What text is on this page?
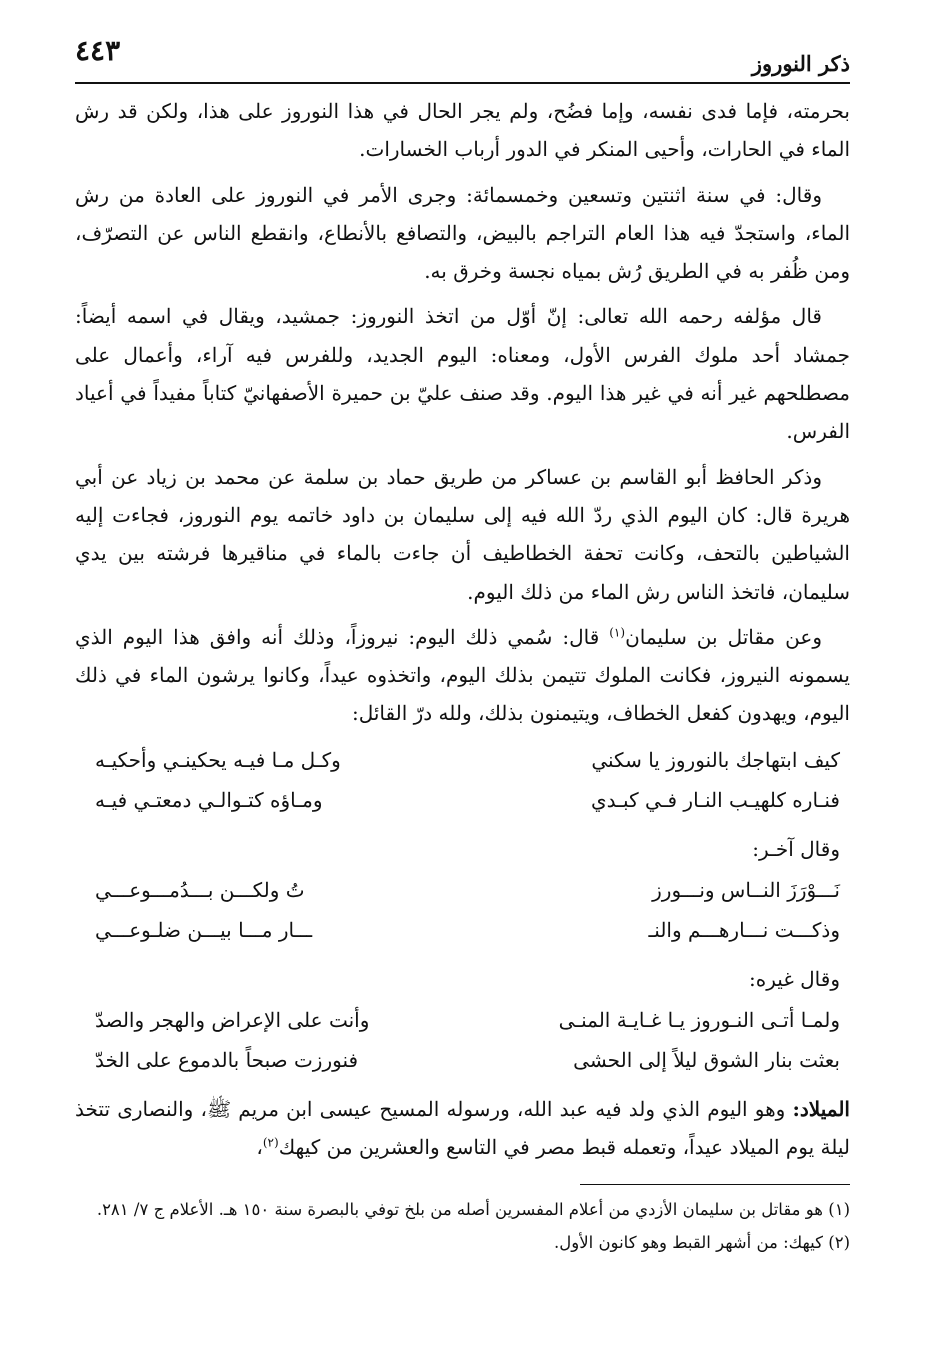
ذكر النوروز
٤٤٣

بحرمته، فإما فدى نفسه، وإما فضُح، ولم يجر الحال في هذا النوروز على هذا، ولكن قد رش الماء في الحارات، وأحيى المنكر في الدور أرباب الخسارات.

وقال: في سنة اثنتين وتسعين وخمسمائة: وجرى الأمر في النوروز على العادة من رش الماء، واستجدّ فيه هذا العام التراجم بالبيض، والتصافع بالأنطاع، وانقطع الناس عن التصرّف، ومن ظُفر به في الطريق رُش بمياه نجسة وخرق به.

قال مؤلفه رحمه الله تعالى: إنّ أوّل من اتخذ النوروز: جمشيد، ويقال في اسمه أيضاً: جمشاد أحد ملوك الفرس الأول، ومعناه: اليوم الجديد، وللفرس فيه آراء، وأعمال على مصطلحهم غير أنه في غير هذا اليوم. وقد صنف عليّ بن حميرة الأصفهانيّ كتاباً مفيداً في أعياد الفرس.

وذكر الحافظ أبو القاسم بن عساكر من طريق حماد بن سلمة عن محمد بن زياد عن أبي هريرة قال: كان اليوم الذي ردّ الله فيه إلى سليمان بن داود خاتمه يوم النوروز، فجاءت إليه الشياطين بالتحف، وكانت تحفة الخطاطيف أن جاءت بالماء في مناقيرها فرشته بين يدي سليمان، فاتخذ الناس رش الماء من ذلك اليوم.

وعن مقاتل بن سليمان$^{(١)}$ قال: سُمي ذلك اليوم: نيروزاً، وذلك أنه وافق هذا اليوم الذي يسمونه النيروز، فكانت الملوك تتيمن بذلك اليوم، واتخذوه عيداً، وكانوا يرشون الماء في ذلك اليوم، ويهدون كفعل الخطاف، ويتيمنون بذلك، ولله درّ القائل:

كيف ابتهاجك بالنوروز يا سكني
وكـل مـا فيـه يحكينـي وأحكيـه
فنـاره كلهيـب النـار فـي كبـدي
ومـاؤه كتـوالـي دمعتـي فيـه
وقال آخـر:
نَـــوْرَزَ النــاس ونـــورز
تُ ولكـــن بـــدُمـــوعـــي
وذكـــت نـــارهـــم والنـ
ـــار مـــا بيـــن ضلـوعـــي
وقال غيره:
ولمـا أتـى النـوروز يـا غـايـة المنـى
وأنت على الإعراض والهجر والصدّ
بعثت بنار الشوق ليلاً إلى الحشى
فنورزت صبحاً بالدموع على الخدّ

الميلاد: وهو اليوم الذي ولد فيه عبد الله، ورسوله المسيح عيسى ابن مريم ﷺ، والنصارى تتخذ ليلة يوم الميلاد عيداً، وتعمله قبط مصر في التاسع والعشرين من كيهك$^{(٢)}$،

(١) هو مقاتل بن سليمان الأزدي من أعلام المفسرين أصله من بلخ توفي بالبصرة سنة ١٥٠ هـ. الأعلام ج ٧/ ٢٨١.

(٢) كيهك: من أشهر القبط وهو كانون الأول.
